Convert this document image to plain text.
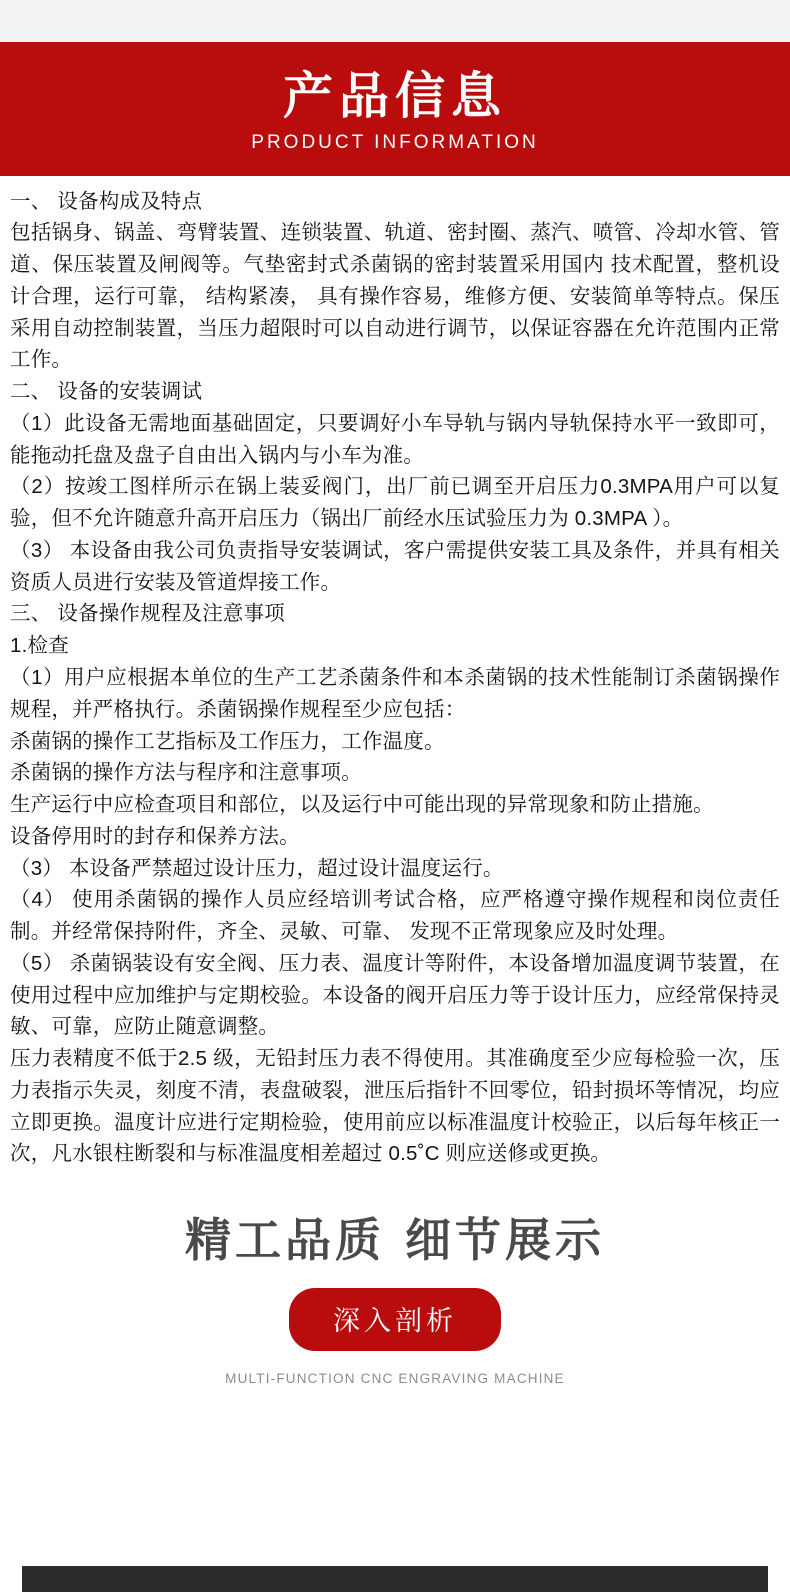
产品信息
PRODUCT INFORMATION

一、 设备构成及特点

包括锅身、锅盖、弯臂装置、连锁装置、轨道、密封圈、蒸汽、喷管、冷却水管、管道、保压装置及闸阀等。气垫密封式杀菌锅的密封装置采用国内 技术配置，整机设计合理，运行可靠， 结构紧凑， 具有操作容易，维修方便、安装简单等特点。保压采用自动控制装置，当压力超限时可以自动进行调节，以保证容器在允许范围内正常工作。

二、 设备的安装调试

（1）此设备无需地面基础固定，只要调好小车导轨与锅内导轨保持水平一致即可，能拖动托盘及盘子自由出入锅内与小车为准。

（2）按竣工图样所示在锅上装妥阀门，出厂前已调至开启压力0.3MPA用户可以复验，但不允许随意升高开启压力（锅出厂前经水压试验压力为 0.3MPA ）。

（3） 本设备由我公司负责指导安装调试，客户需提供安装工具及条件，并具有相关资质人员进行安装及管道焊接工作。

三、 设备操作规程及注意事项

1.检查

（1）用户应根据本单位的生产工艺杀菌条件和本杀菌锅的技术性能制订杀菌锅操作规程，并严格执行。杀菌锅操作规程至少应包括：

杀菌锅的操作工艺指标及工作压力，工作温度。

杀菌锅的操作方法与程序和注意事项。

生产运行中应检查项目和部位，以及运行中可能出现的异常现象和防止措施。

设备停用时的封存和保养方法。

（3） 本设备严禁超过设计压力，超过设计温度运行。

（4） 使用杀菌锅的操作人员应经培训考试合格，应严格遵守操作规程和岗位责任制。并经常保持附件，齐全、灵敏、可靠、 发现不正常现象应及时处理。

（5） 杀菌锅装设有安全阀、压力表、温度计等附件，本设备增加温度调节装置，在使用过程中应加维护与定期校验。本设备的阀开启压力等于设计压力，应经常保持灵敏、可靠，应防止随意调整。

压力表精度不低于2.5 级，无铅封压力表不得使用。其准确度至少应每检验一次，压力表指示失灵，刻度不清，表盘破裂，泄压后指针不回零位，铅封损坏等情况，均应立即更换。温度计应进行定期检验，使用前应以标准温度计校验正，以后每年核正一次，凡水银柱断裂和与标准温度相差超过 0.5˚C 则应送修或更换。

精工品质 细节展示
深入剖析
MULTI-FUNCTION CNC ENGRAVING MACHINE
